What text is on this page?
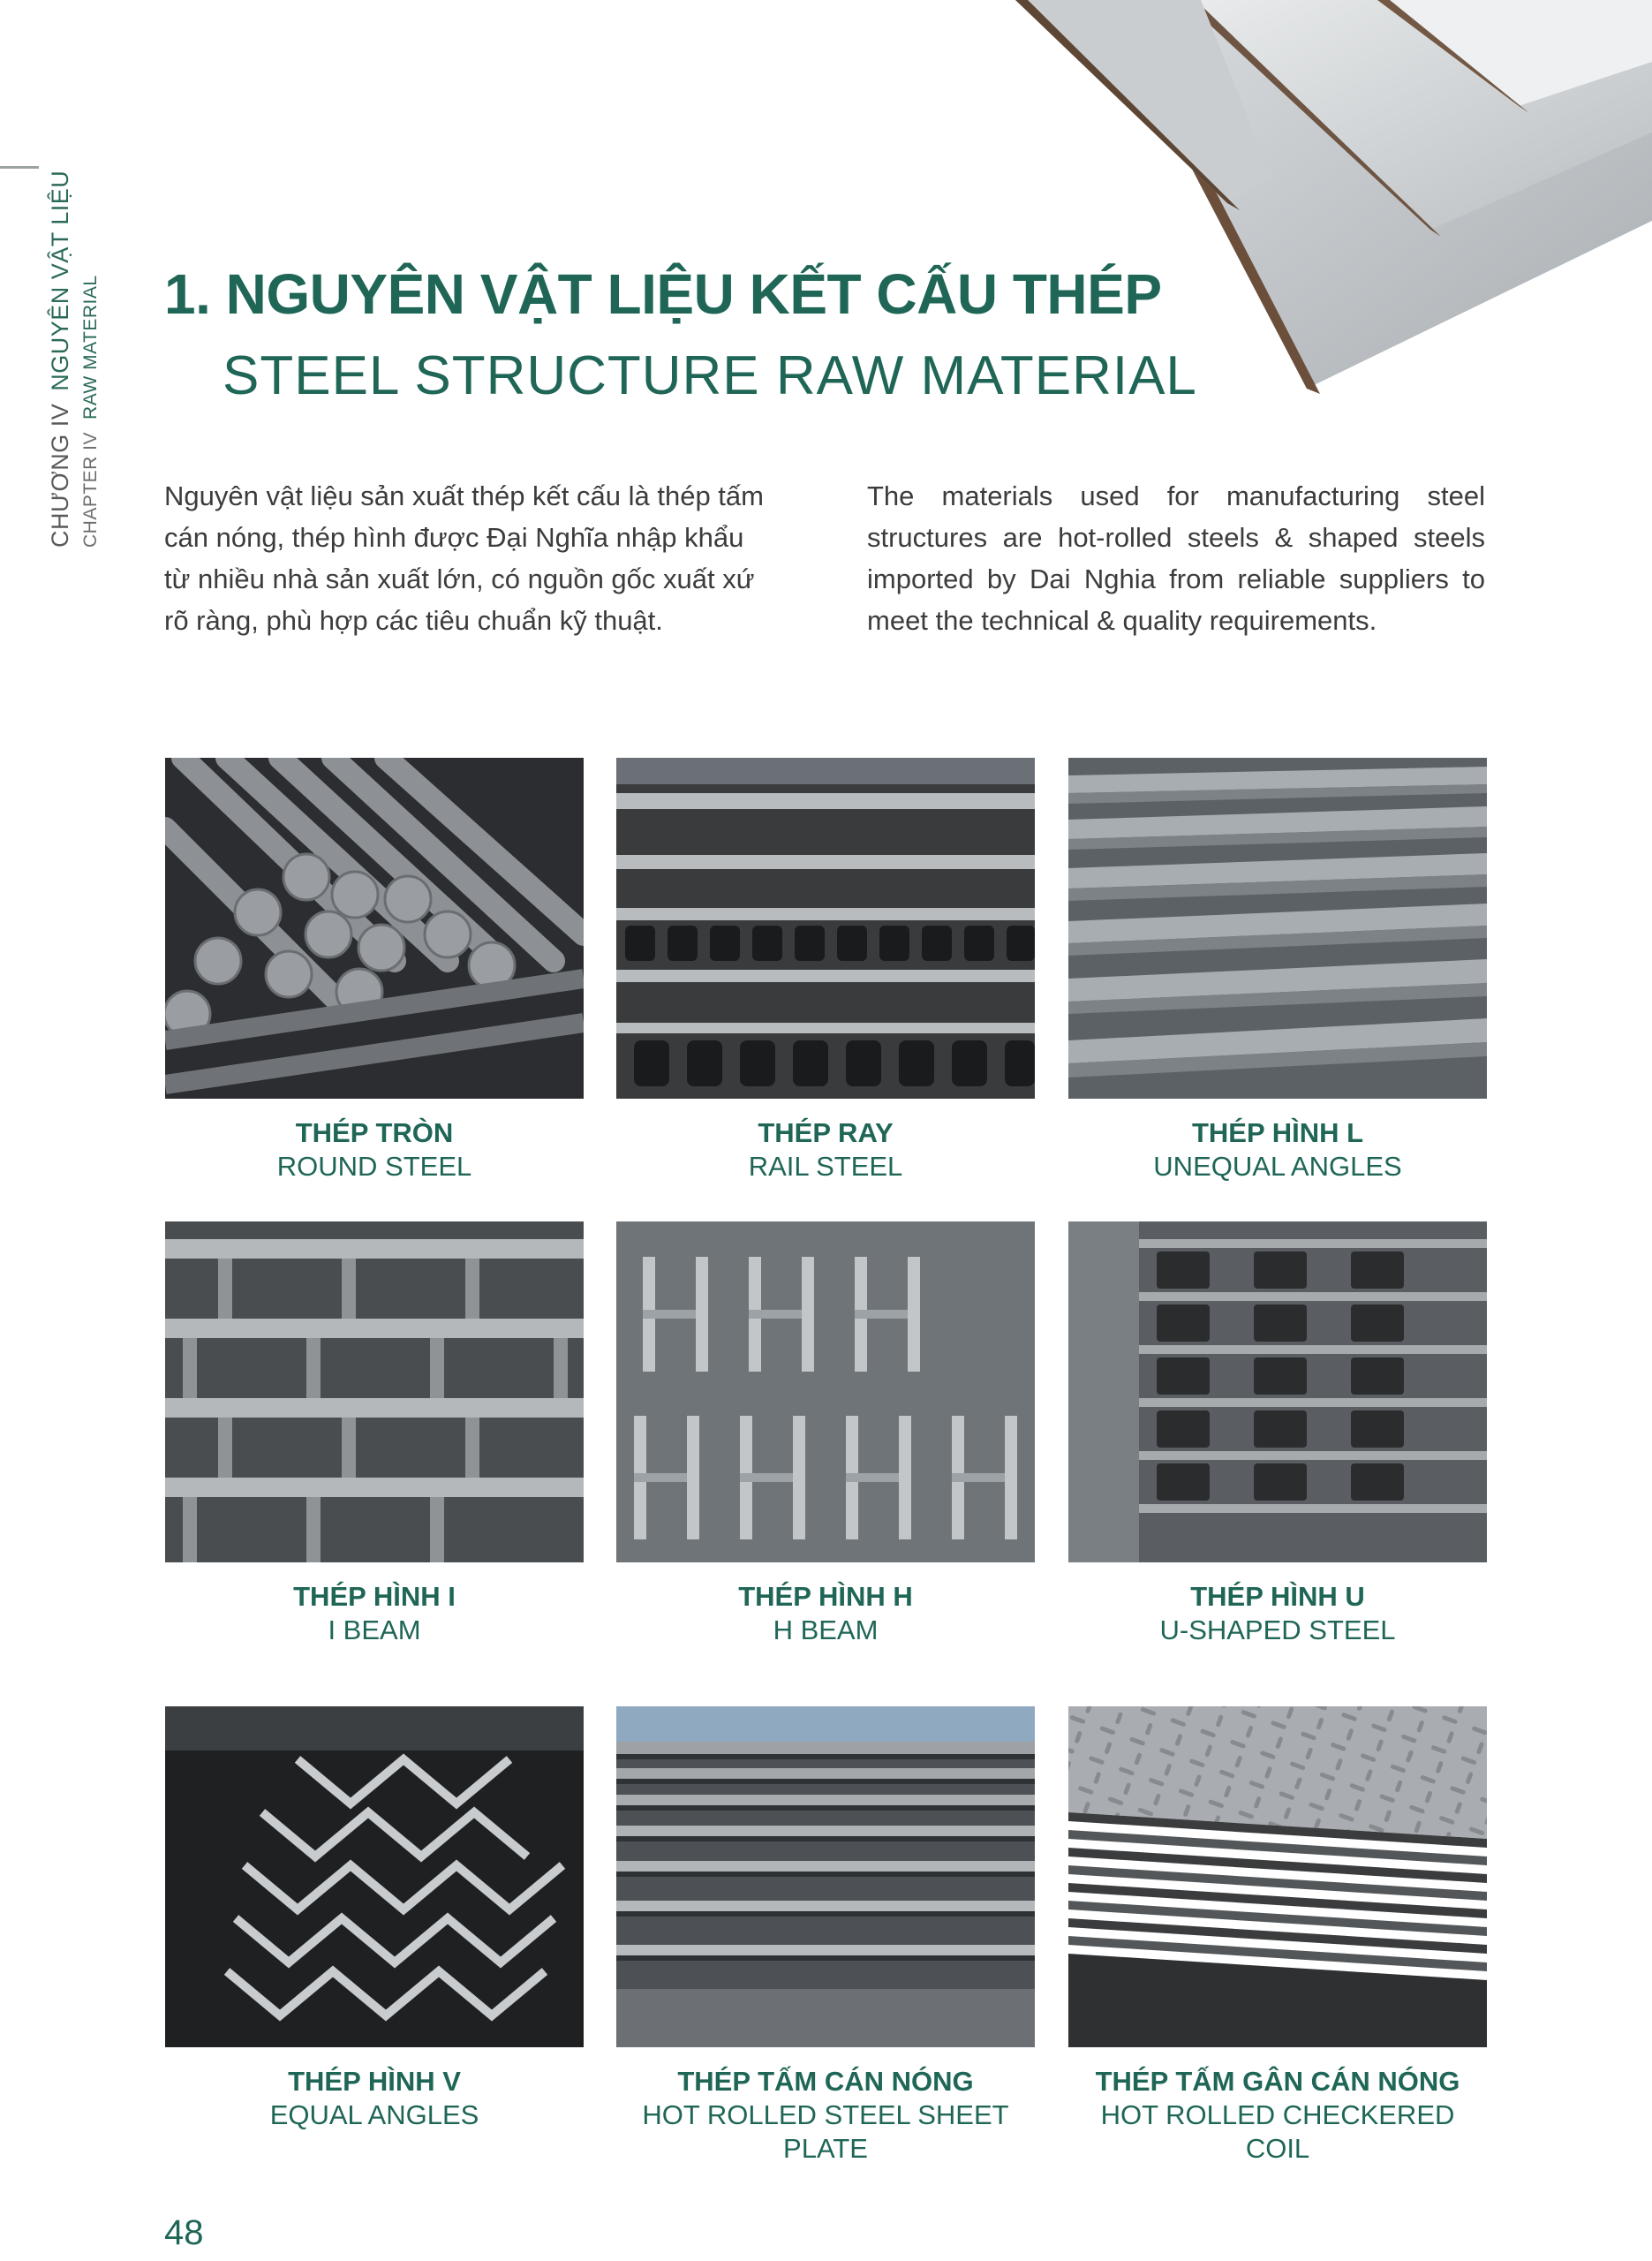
CHƯƠNG IVNGUYÊN VẬT LIỆU
CHAPTER IVRAW MATERIAL 1. NGUYÊN VẬT LIỆU KẾT CẤU THÉP
STEEL STRUCTURE RAW MATERIAL

Nguyên vật liệu sản xuất thép kết cấu là thép tấm cán nóng, thép hình được Đại Nghĩa nhập khẩu từ nhiều nhà sản xuất lớn, có nguồn gốc xuất xứ rõ ràng, phù hợp các tiêu chuẩn kỹ thuật.

The materials used for manufacturing steel structures are hot-rolled steels & shaped steels imported by Dai Nghia from reliable suppliers to meet the technical & quality requirements.

THÉP TRÒN
ROUND STEEL
THÉP RAY
RAIL STEEL
THÉP HÌNH L
UNEQUAL ANGLES
THÉP HÌNH I
I BEAM
THÉP HÌNH H
H BEAM
THÉP HÌNH U
U-SHAPED STEEL
THÉP HÌNH V
EQUAL ANGLES
THÉP TẤM CÁN NÓNG
HOT ROLLED STEEL SHEET PLATE
THÉP TẤM GÂN CÁN NÓNG
HOT ROLLED CHECKERED COIL
48
